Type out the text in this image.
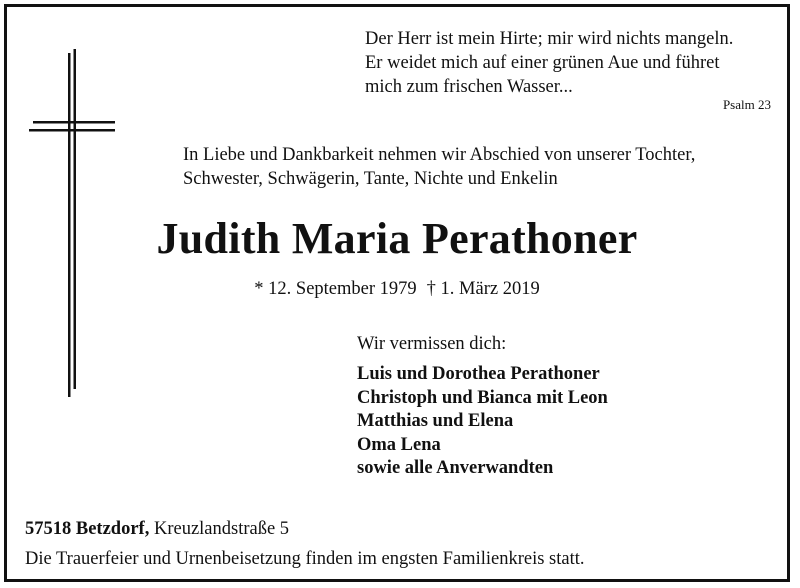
Der Herr ist mein Hirte; mir wird nichts mangeln.
Er weidet mich auf einer grünen Aue und führet
mich zum frischen Wasser...
Psalm 23
In Liebe und Dankbarkeit nehmen wir Abschied von unserer Tochter,
Schwester, Schwägerin, Tante, Nichte und Enkelin
Judith Maria Perathoner
* 12. September 1979 † 1. März 2019
Wir vermissen dich:
Luis und Dorothea Perathoner
Christoph und Bianca mit Leon
Matthias und Elena
Oma Lena
sowie alle Anverwandten
57518 Betzdorf, Kreuzlandstraße 5
Die Trauerfeier und Urnenbeisetzung finden im engsten Familienkreis statt.
